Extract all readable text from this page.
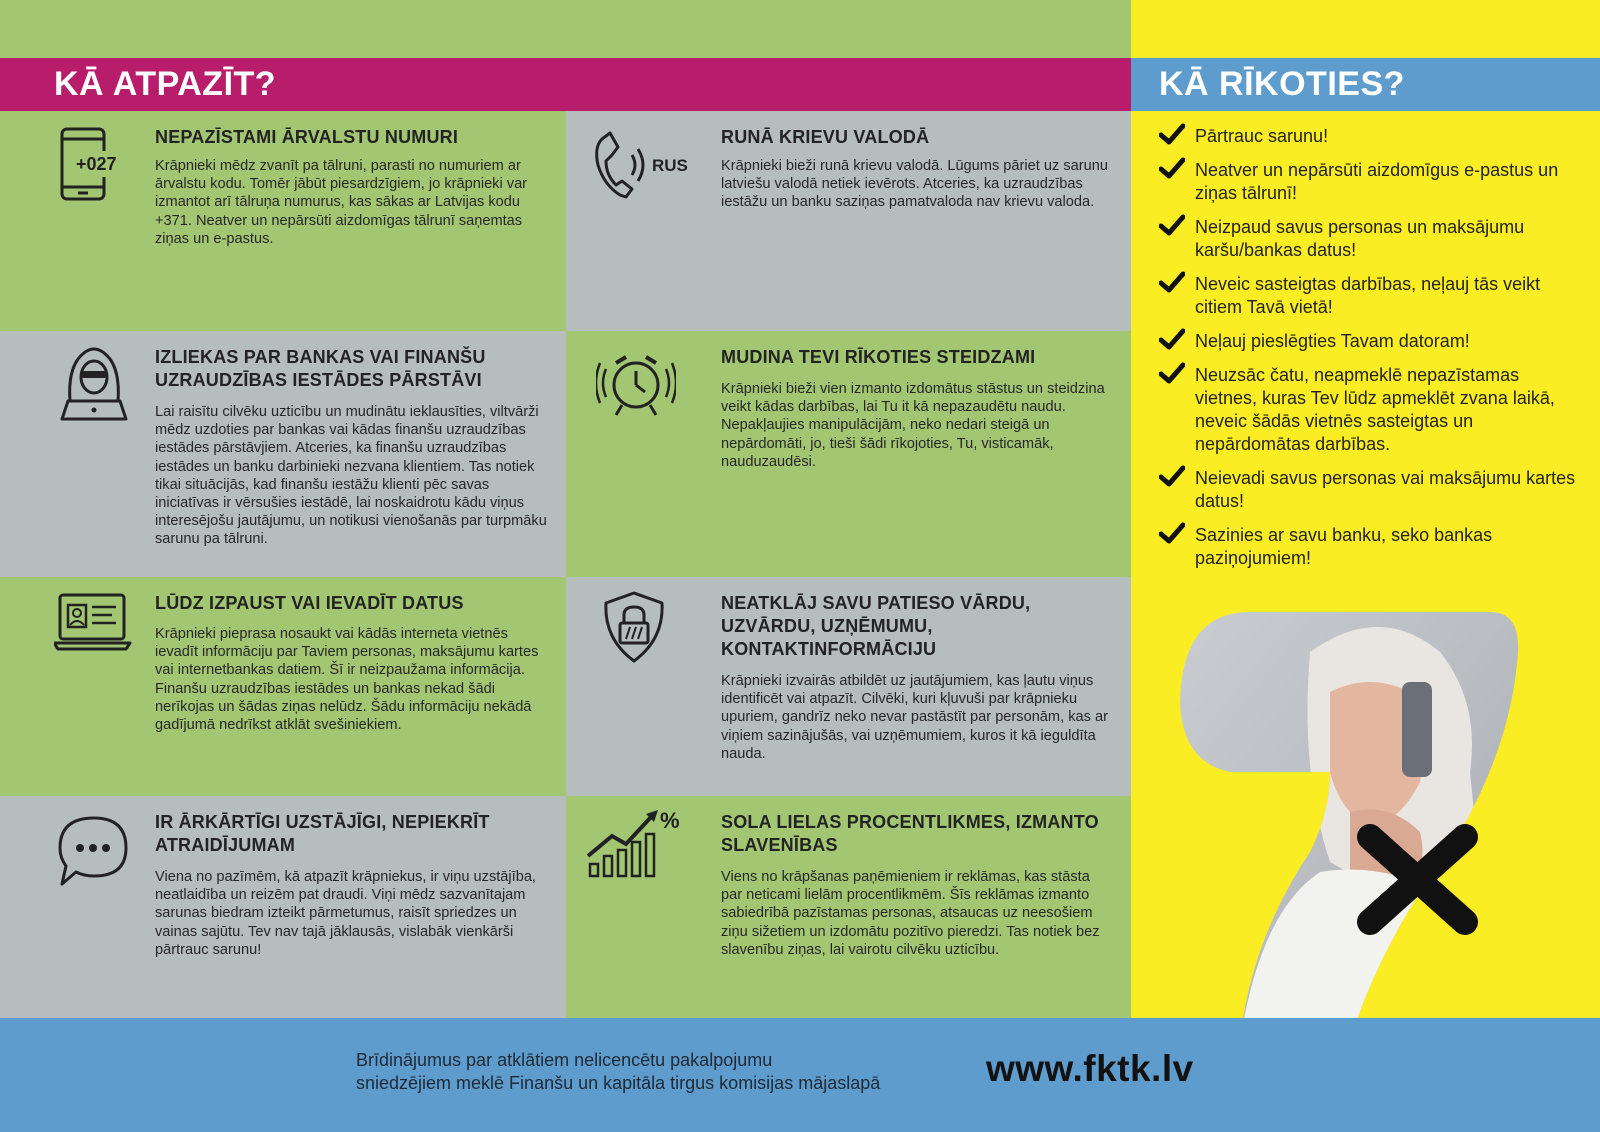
KĀ ATPAZĪT?	KĀ RĪKOTIES?
+027
NEPAZĪSTAMI ĀRVALSTU NUMURI
Krāpnieki mēdz zvanīt pa tālruni, parasti no numuriem ar ārvalstu kodu. Tomēr jābūt piesardzīgiem, jo krāpnieki var izmantot arī tālruņa numurus, kas sākas ar Latvijas kodu +371. Neatver un nepārsūti aizdomīgas tālrunī saņemtas ziņas un e-pastus.
RUS
RUNĀ KRIEVU VALODĀ
Krāpnieki bieži runā krievu valodā. Lūgums pāriet uz sarunu latviešu valodā netiek ievērots. Atceries, ka uzraudzības iestāžu un banku saziņas pamatvaloda nav krievu valoda.
IZLIEKAS PAR BANKAS VAI FINANŠU UZRAUDZĪBAS IESTĀDES PĀRSTĀVI
Lai raisītu cilvēku uzticību un mudinātu ieklausīties, viltvārži mēdz uzdoties par bankas vai kādas finanšu uzraudzības iestādes pārstāvjiem. Atceries, ka finanšu uzraudzības iestādes un banku darbinieki nezvana klientiem. Tas notiek tikai situācijās, kad finanšu iestāžu klienti pēc savas iniciatīvas ir vērsušies iestādē, lai noskaidrotu kādu viņus interesējošu jautājumu, un notikusi vienošanās par turpmāku sarunu pa tālruni.
MUDINA TEVI RĪKOTIES STEIDZAMI
Krāpnieki bieži vien izmanto izdomātus stāstus un steidzina veikt kādas darbības, lai Tu it kā nepazaudētu naudu. Nepakļaujies manipulācijām, neko nedari steigā un nepārdomāti, jo, tieši šādi rīkojoties, Tu, visticamāk, nauduzaudēsi.
LŪDZ IZPAUST VAI IEVADĪT DATUS
Krāpnieki pieprasa nosaukt vai kādās interneta vietnēs ievadīt informāciju par Taviem personas, maksājumu kartes vai internetbankas datiem. Šī ir neizpaužama informācija. Finanšu uzraudzības iestādes un bankas nekad šādi nerīkojas un šādas ziņas nelūdz. Šādu informāciju nekādā gadījumā nedrīkst atklāt svešiniekiem.
NEATKLĀJ SAVU PATIESO VĀRDU, UZVĀRDU, UZŅĒMUMU, KONTAKTINFORMĀCIJU
Krāpnieki izvairās atbildēt uz jautājumiem, kas ļautu viņus identificēt vai atpazīt. Cilvēki, kuri kļuvuši par krāpnieku upuriem, gandrīz neko nevar pastāstīt par personām, kas ar viņiem sazinājušās, vai uzņēmumiem, kuros it kā ieguldīta nauda.
IR ĀRKĀRTĪGI UZSTĀJĪGI, NEPIEKRĪT ATRAIDĪJUMAM
Viena no pazīmēm, kā atpazīt krāpniekus, ir viņu uzstājība, neatlaidība un reizēm pat draudi. Viņi mēdz sazvanītajam sarunas biedram izteikt pārmetumus, raisīt spriedzes un vainas sajūtu. Tev nav tajā jāklausās, vislabāk vienkārši pārtrauc sarunu!
% SOLA LIELAS PROCENTLIKMES, IZMANTO SLAVENĪBAS
Viens no krāpšanas paņēmieniem ir reklāmas, kas stāsta par neticami lielām procentlikmēm. Šīs reklāmas izmanto sabiedrībā pazīstamas personas, atsaucas uz neesošiem ziņu sižetiem un izdomātu pozitīvo pieredzi. Tas notiek bez slavenību ziņas, lai vairotu cilvēku uzticību.
Pārtrauc sarunu!
Neatver un nepārsūti aizdomīgus e-pastus un ziņas tālrunī!
Neizpaud savus personas un maksājumu karšu/bankas datus!
Neveic sasteigtas darbības, neļauj tās veikt citiem Tavā vietā!
Neļauj pieslēgties Tavam datoram!
Neuzsāc čatu, neapmeklē nepazīstamas vietnes, kuras Tev lūdz apmeklēt zvana laikā, neveic šādās vietnēs sasteigtas un nepārdomātas darbības.
Neievadi savus personas vai maksājumu kartes datus!
Sazinies ar savu banku, seko bankas paziņojumiem!
Brīdinājumus par atklātiem nelicencētu pakalpojumu
sniedzējiem meklē Finanšu un kapitāla tirgus komisijas mājaslapā	www.fktk.lv
